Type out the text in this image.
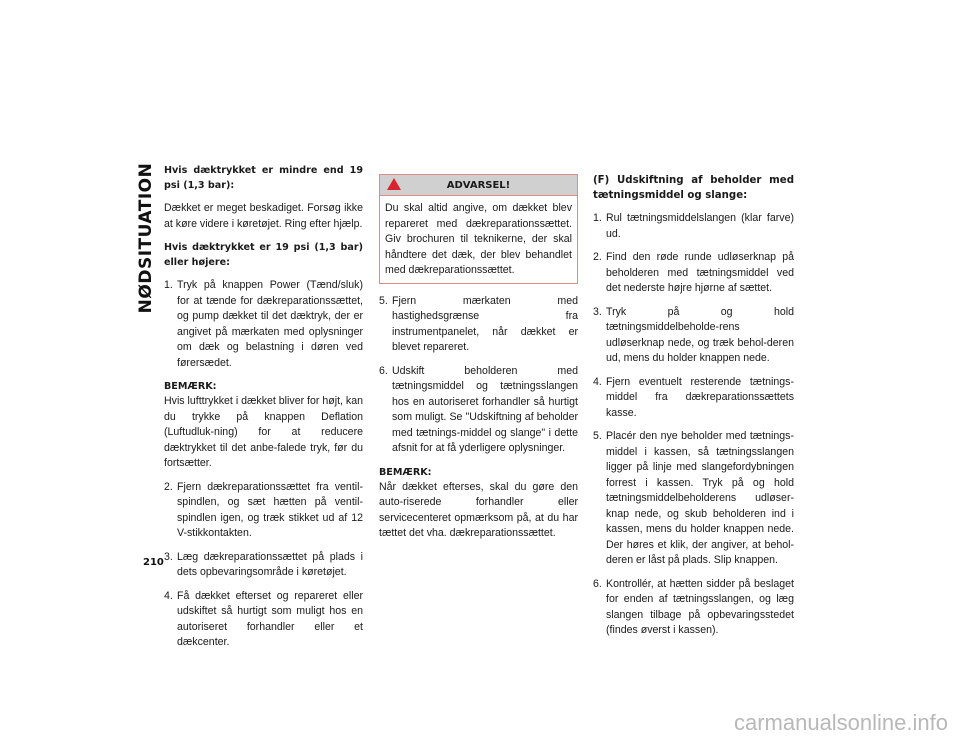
NØDSITUATION
210

Hvis dæktrykket er mindre end 19 psi (1,3 bar):

Dækket er meget beskadiget. Forsøg ikke at køre videre i køretøjet. Ring efter hjælp.

Hvis dæktrykket er 19 psi (1,3 bar) eller højere:

1. Tryk på knappen Power (Tænd/sluk) for at tænde for dækreparationssættet, og pump dækket til det dæktryk, der er angivet på mærkaten med oplysninger om dæk og belastning i døren ved førersædet.

BEMÆRK:

Hvis lufttrykket i dækket bliver for højt, kan du trykke på knappen Deflation (Luftudluk-ning) for at reducere dæktrykket til det anbe-falede tryk, før du fortsætter.

2. Fjern dækreparationssættet fra ventil-spindlen, og sæt hætten på ventil-spindlen igen, og træk stikket ud af 12 V-stikkontakten.
3. Læg dækreparationssættet på plads i dets opbevaringsområde i køretøjet.
4. Få dækket efterset og repareret eller udskiftet så hurtigt som muligt hos en autoriseret forhandler eller et dækcenter.
ADVARSEL!
Du skal altid angive, om dækket blev repareret med dækreparationssættet. Giv brochuren til teknikerne, der skal håndtere det dæk, der blev behandlet med dækreparationssættet.
5. Fjern mærkaten med hastighedsgrænse fra instrumentpanelet, når dækket er blevet repareret.
6. Udskift beholderen med tætningsmiddel og tætningsslangen hos en autoriseret forhandler så hurtigt som muligt. Se "Udskiftning af beholder med tætnings-middel og slange" i dette afsnit for at få yderligere oplysninger.

BEMÆRK:

Når dækket efterses, skal du gøre den auto-riserede forhandler eller servicecenteret opmærksom på, at du har tættet det vha. dækreparationssættet.

(F) Udskiftning af beholder med tætningsmiddel og slange:

1. Rul tætningsmiddelslangen (klar farve) ud.
2. Find den røde runde udløserknap på beholderen med tætningsmiddel ved det nederste højre hjørne af sættet.
3. Tryk på og hold tætningsmiddelbeholde-rens udløserknap nede, og træk behol-deren ud, mens du holder knappen nede.
4. Fjern eventuelt resterende tætnings-middel fra dækreparationssættets kasse.
5. Placér den nye beholder med tætnings-middel i kassen, så tætningsslangen ligger på linje med slangefordybningen forrest i kassen. Tryk på og hold tætningsmiddelbeholderens udløser-knap nede, og skub beholderen ind i kassen, mens du holder knappen nede. Der høres et klik, der angiver, at behol-deren er låst på plads. Slip knappen.
6. Kontrollér, at hætten sidder på beslaget for enden af tætningsslangen, og læg slangen tilbage på opbevaringsstedet (findes øverst i kassen).
carmanualsonline.info
